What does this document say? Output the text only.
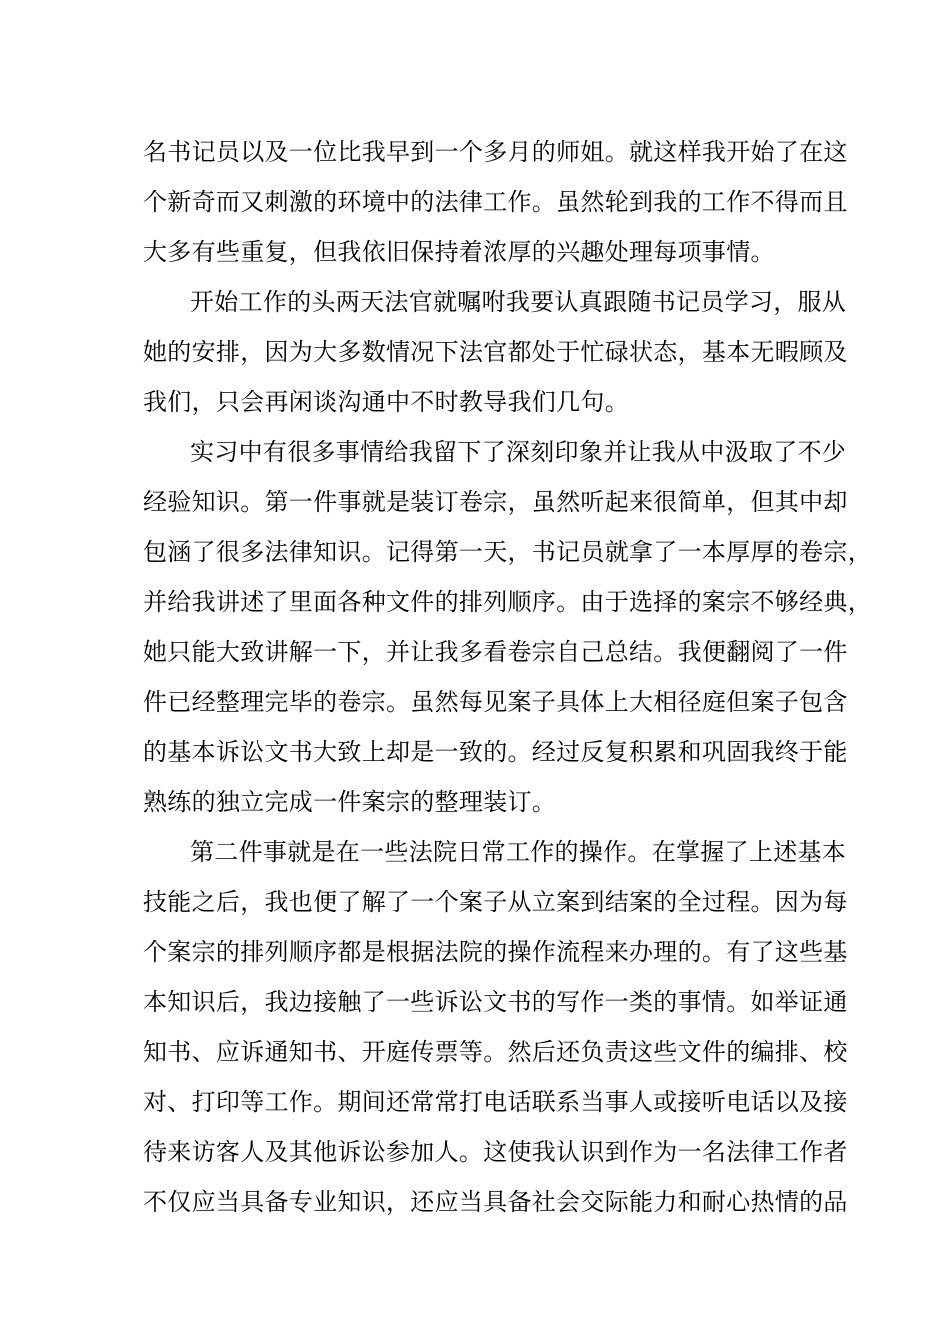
名书记员以及一位比我早到一个多月的师姐。就这样我开始了在这
个新奇而又刺激的环境中的法律工作。虽然轮到我的工作不得而且
大多有些重复，但我依旧保持着浓厚的兴趣处理每项事情。
开始工作的头两天法官就嘱咐我要认真跟随书记员学习，服从
她的安排，因为大多数情况下法官都处于忙碌状态，基本无暇顾及
我们，只会再闲谈沟通中不时教导我们几句。
实习中有很多事情给我留下了深刻印象并让我从中汲取了不少
经验知识。第一件事就是装订卷宗，虽然听起来很简单，但其中却
包涵了很多法律知识。记得第一天，书记员就拿了一本厚厚的卷宗，
并给我讲述了里面各种文件的排列顺序。由于选择的案宗不够经典，
她只能大致讲解一下，并让我多看卷宗自己总结。我便翻阅了一件
件已经整理完毕的卷宗。虽然每见案子具体上大相径庭但案子包含
的基本诉讼文书大致上却是一致的。经过反复积累和巩固我终于能
熟练的独立完成一件案宗的整理装订。
第二件事就是在一些法院日常工作的操作。在掌握了上述基本
技能之后，我也便了解了一个案子从立案到结案的全过程。因为每
个案宗的排列顺序都是根据法院的操作流程来办理的。有了这些基
本知识后，我边接触了一些诉讼文书的写作一类的事情。如举证通
知书、应诉通知书、开庭传票等。然后还负责这些文件的编排、校
对、打印等工作。期间还常常打电话联系当事人或接听电话以及接
待来访客人及其他诉讼参加人。这使我认识到作为一名法律工作者
不仅应当具备专业知识，还应当具备社会交际能力和耐心热情的品
